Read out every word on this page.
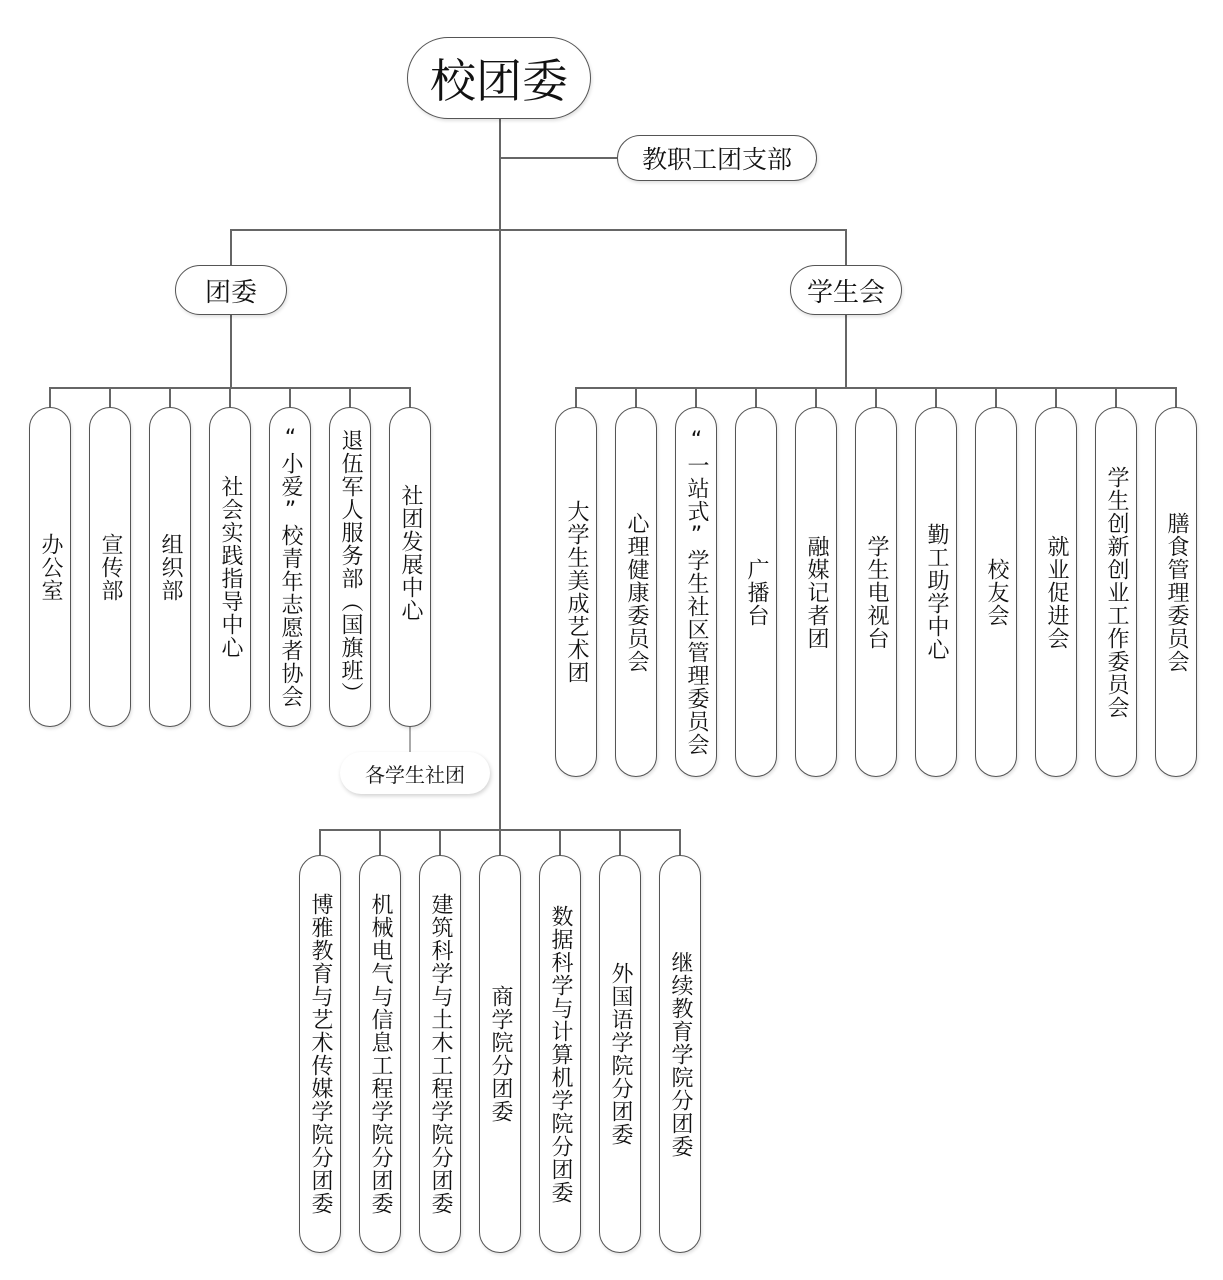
校团委
教职工团支部
团委	学生会
办公室 宣传部 组织部 社会实践指导中心 “小爱”校青年志愿者协会 退伍军人服务部（国旗班） 社团发展中心
各学生社团
大学生美成艺术团 心理健康委员会 “一站式”学生社区管理委员会 广播台 融媒记者团 学生电视台 勤工助学中心 校友会 就业促进会 学生创新创业工作委员会 膳食管理委员会
博雅教育与艺术传媒学院分团委 机械电气与信息工程学院分团委 建筑科学与土木工程学院分团委 商学院分团委 数据科学与计算机学院分团委 外国语学院分团委 继续教育学院分团委
